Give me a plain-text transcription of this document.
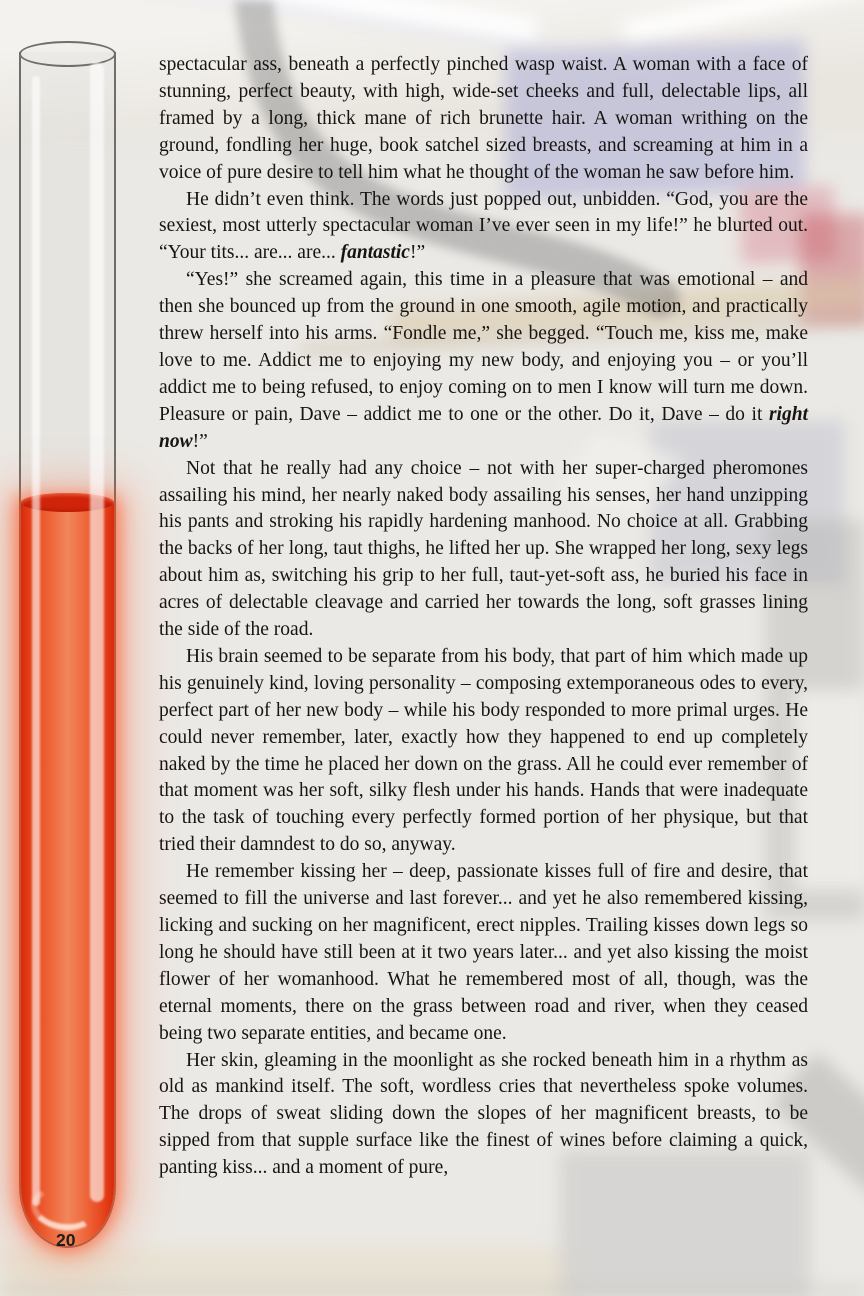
20

spectacular ass, beneath a perfectly pinched wasp waist. A woman with a face of stunning, perfect beauty, with high, wide-set cheeks and full, delectable lips, all framed by a long, thick mane of rich brunette hair. A woman writhing on the ground, fondling her huge, book satchel sized breasts, and screaming at him in a voice of pure desire to tell him what he thought of the woman he saw before him.

He didn’t even think. The words just popped out, unbidden. “God, you are the sexiest, most utterly spectacular woman I’ve ever seen in my life!” he blurted out. “Your tits... are... are... fantastic!”

“Yes!” she screamed again, this time in a pleasure that was emotional – and then she bounced up from the ground in one smooth, agile motion, and practically threw herself into his arms. “Fondle me,” she begged. “Touch me, kiss me, make love to me. Addict me to enjoying my new body, and enjoying you – or you’ll addict me to being refused, to enjoy coming on to men I know will turn me down. Pleasure or pain, Dave – addict me to one or the other. Do it, Dave – do it right now!”

Not that he really had any choice – not with her super-charged pheromones assailing his mind, her nearly naked body assailing his senses, her hand unzipping his pants and stroking his rapidly hardening manhood. No choice at all. Grabbing the backs of her long, taut thighs, he lifted her up. She wrapped her long, sexy legs about him as, switching his grip to her full, taut-yet-soft ass, he buried his face in acres of delectable cleavage and carried her towards the long, soft grasses lining the side of the road.

His brain seemed to be separate from his body, that part of him which made up his genuinely kind, loving personality – composing extemporaneous odes to every, perfect part of her new body – while his body responded to more primal urges. He could never remember, later, exactly how they happened to end up completely naked by the time he placed her down on the grass. All he could ever remember of that moment was her soft, silky flesh under his hands. Hands that were inadequate to the task of touching every perfectly formed portion of her physique, but that tried their damndest to do so, anyway.

He remember kissing her – deep, passionate kisses full of fire and desire, that seemed to fill the universe and last forever... and yet he also remembered kissing, licking and sucking on her magnificent, erect nipples. Trailing kisses down legs so long he should have still been at it two years later... and yet also kissing the moist flower of her womanhood. What he remembered most of all, though, was the eternal moments, there on the grass between road and river, when they ceased being two separate entities, and became one.

Her skin, gleaming in the moonlight as she rocked beneath him in a rhythm as old as mankind itself. The soft, wordless cries that nevertheless spoke volumes. The drops of sweat sliding down the slopes of her magnificent breasts, to be sipped from that supple surface like the finest of wines before claiming a quick, panting kiss... and a moment of pure,
